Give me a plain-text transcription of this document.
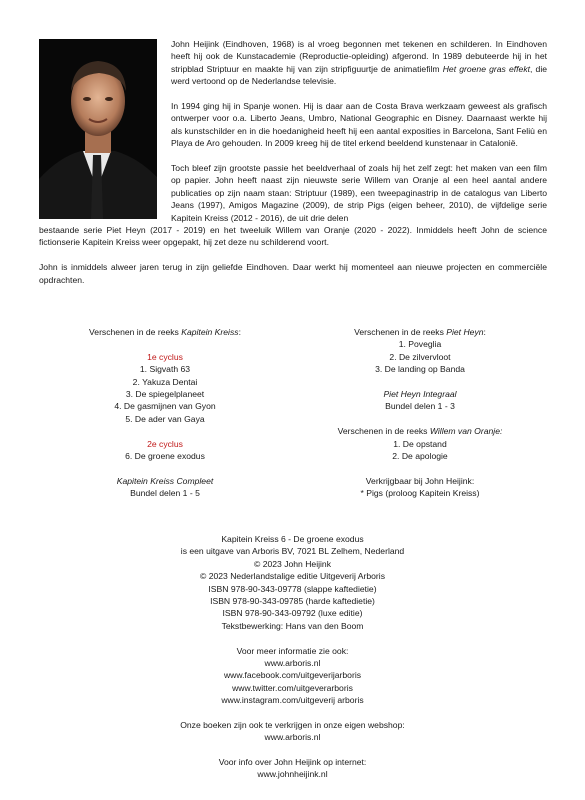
John Heijink (Eindhoven, 1968) is al vroeg begonnen met tekenen en schilderen. In Eindhoven heeft hij ook de Kunstacademie (Reproductie-opleiding) afgerond. In 1989 debuteerde hij in het stripblad Striptuur en maakte hij van zijn stripfiguurtje de animatiefilm Het groene gras effekt, die werd vertoond op de Nederlandse televisie.

In 1994 ging hij in Spanje wonen. Hij is daar aan de Costa Brava werkzaam geweest als grafisch ontwerper voor o.a. Liberto Jeans, Umbro, National Geographic en Disney. Daarnaast werkte hij als kunstschilder en in die hoedanigheid heeft hij een aantal exposities in Barcelona, Sant Feliù en Playa de Aro gehouden. In 2009 kreeg hij de titel erkend beeldend kunstenaar in Catalonië.

Toch bleef zijn grootste passie het beeldverhaal of zoals hij het zelf zegt: het maken van een film op papier. John heeft naast zijn nieuwste serie Willem van Oranje al een heel aantal andere publicaties op zijn naam staan: Striptuur (1989), een tweepaginastrip in de catalogus van Liberto Jeans (1997), Amigos Magazine (2009), de strip Pigs (eigen beheer, 2010), de vijfdelige serie Kapitein Kreiss (2012 - 2016), de uit drie delen
bestaande serie Piet Heyn (2017 - 2019) en het tweeluik Willem van Oranje (2020 - 2022). Inmiddels heeft John de science fictionserie Kapitein Kreiss weer opgepakt, hij zet deze nu schilderend voort.

John is inmiddels alweer jaren terug in zijn geliefde Eindhoven. Daar werkt hij momenteel aan nieuwe projecten en commerciële opdrachten.

Verschenen in de reeks Kapitein Kreiss:
1e cyclus
1. Sigvath 63
2. Yakuza Dentai
3. De spiegelplaneet
4. De gasmijnen van Gyon
5. De ader van Gaya
2e cyclus
6. De groene exodus
Kapitein Kreiss Compleet
Bundel delen 1 - 5
Verschenen in de reeks Piet Heyn:
1. Poveglia
2. De zilvervloot
3. De landing op Banda
Piet Heyn Integraal
Bundel delen 1 - 3
Verschenen in de reeks Willem van Oranje:
1. De opstand
2. De apologie
Verkrijgbaar bij John Heijink:
* Pigs (proloog Kapitein Kreiss)
Kapitein Kreiss 6 - De groene exodus
is een uitgave van Arboris BV, 7021 BL Zelhem, Nederland
© 2023 John Heijink
© 2023 Nederlandstalige editie Uitgeverij Arboris
ISBN 978-90-343-09778 (slappe kaftedietie)
ISBN 978-90-343-09785 (harde kaftedietie)
ISBN 978-90-343-09792 (luxe editie)
Tekstbewerking: Hans van den Boom
Voor meer informatie zie ook:
www.arboris.nl
www.facebook.com/uitgeverijarboris
www.twitter.com/uitgeverarboris
www.instagram.com/uitgeverij arboris
Onze boeken zijn ook te verkrijgen in onze eigen webshop:
www.arboris.nl
Voor info over John Heijink op internet:
www.johnheijink.nl
